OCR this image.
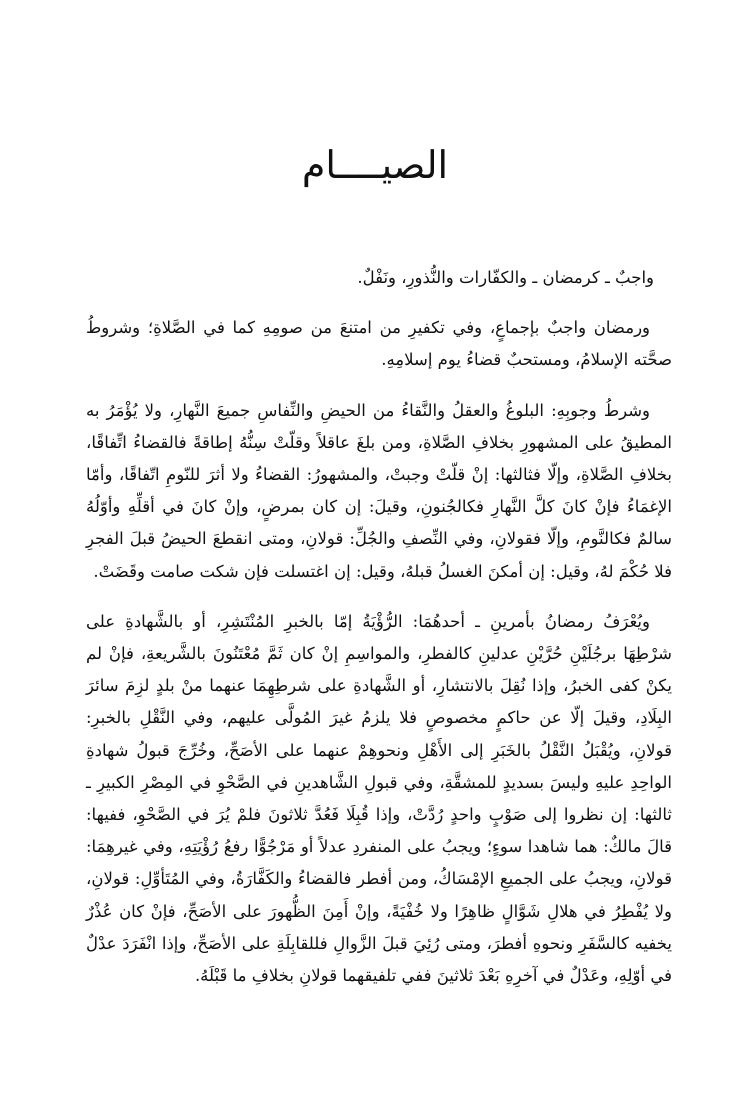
الصيــــام

واجبٌ ـ كرمضان ـ والكفّارات والنُّذورِ، ونَفْلٌ.

ورمضان واجبٌ بإجماعٍ، وفي تكفيرِ من امتنعَ من صومِهِ كما في الصَّلاةِ؛ وشروطُ صحَّته الإسلامُ، ومستحبٌ قضاءُ يوم إسلامِهِ.

وشرطُ وجوبِهِ: البلوغُ والعقلُ والنَّقاءُ من الحيضِ والنِّفاسِ جميعَ النَّهارِ، ولا يُؤْمَرُ به المطيقُ على المشهورِ بخلافِ الصَّلاةِ، ومن بلغَ عاقلاً وقلّتْ سِنُّهُ إطاقةً فالقضاءُ اتِّفاقًا، بخلافِ الصَّلاةِ، وإلّا فثالثها: إنْ قلّتْ وجبتْ، والمشهورُ: القضاءُ ولا أثرَ للنّومِ اتّفاقًا، وأمّا الإغمَاءُ فإنْ كانَ كلَّ النَّهارِ فكالجُنونِ، وقيلَ: إن كان بمرضٍ، وإنْ كانَ في أقلِّهِ وأوّلُهُ سالمٌ فكالنَّومِ، وإلّا فقولانِ، وفي النِّصفِ والجُلِّ: قولانِ، ومتى انقطعَ الحيضُ قبلَ الفجرِ فلا حُكْمَ لهُ، وقيل: إن أمكنَ الغسلُ قبلهُ، وقيل: إن اغتسلت فإن شكت صامت وقَضَتْ.

ويُعْرَفُ رمضانُ بأمرينِ ـ أحدهُمَا: الرُّؤْيَةُ إمّا بالخبرِ المُنْتَشِرِ، أو بالشَّهادةِ على شرْطِهَا برجُلَيْنِ حُرَّيْنِ عدلينِ كالفطرِ، والمواسِمِ إنْ كان ثَمَّ مُعْتَنُونَ بالشَّريعةِ، فإنْ لم يكنْ كفى الخبرُ، وإذا نُقِلَ بالانتشارِ، أو الشَّهادةِ على شرطِهِمَا عنهما منْ بلدٍ لزِمَ سائرَ البِلَادِ، وقيلَ إلّا عن حاكمٍ مخصوصٍ فلا يلزمُ غيرَ المُولَّى عليهم، وفي النَّقْلِ بالخبرِ: قولانِ، ويُقْبَلُ النَّقْلُ بالخَبَرِ إلى الأَهْلِ ونحوهِمْ عنهما على الأصَحِّ، وخُرِّجَ قبولُ شهادةِ الواحِدِ عليهِ وليسَ بسديدٍ للمشقَّةِ، وفي قبولِ الشَّاهدينِ في الصَّحْوِ في المِصْرِ الكبيرِ ـ ثالثها: إن نظروا إلى صَوْبٍ واحدٍ رُدَّتْ، وإذا قُبِلَا فَعُدَّ ثلاثونَ فلمْ يُرَ في الصَّحْوِ، ففيها: قالَ مالكٌ: هما شاهدا سوءٍ؛ ويجبُ على المنفردِ عدلاً أو مَرْجُوًّا رفعُ رُؤْيَتِهِ، وفي غيرهِمَا: قولانِ، ويجبُ على الجميعِ الإمْسَاكُ، ومن أفطر فالقضاءُ والكَفَّارَةُ، وفي المُتَأوِّلِ: قولانِ، ولا يُفْطِرُ في هلالِ شَوَّالٍ ظاهِرًا ولا خُفْيَةً، وإنْ أَمِنَ الظُّهورَ على الأصَحِّ، فإنْ كان عُذْرٌ يخفيه كالسَّفَرِ ونحوهِ أفطرَ، ومتى رُئِيَ قبلَ الزَّوالِ فللقابِلَةِ على الأصَحِّ، وإذا انْفَرَدَ عدْلٌ في أوّلِهِ، وعَدْلٌ في آخرِهِ بَعْدَ ثلاثينَ ففي تلفيقهما قولانِ بخلافِ ما قَبْلَهُ.
